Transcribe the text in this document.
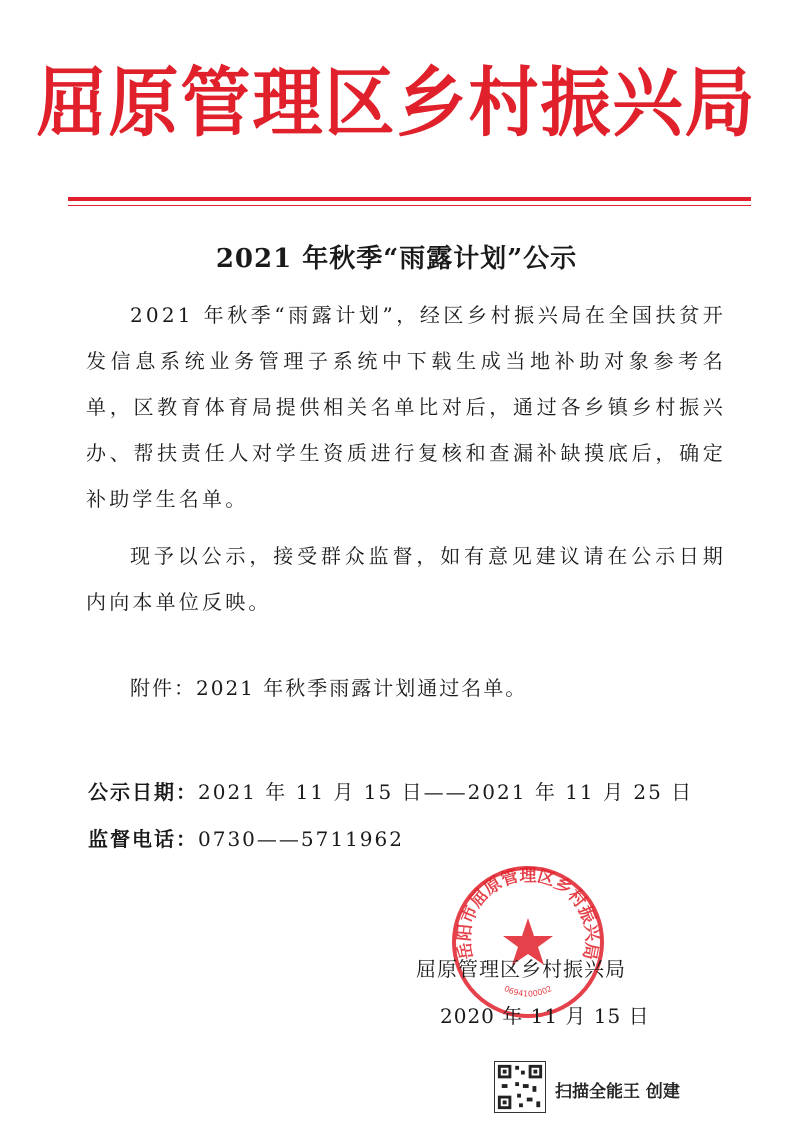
屈原管理区乡村振兴局
2021 年秋季“雨露计划”公示
2021 年秋季“雨露计划”，经区乡村振兴局在全国扶贫开发信息系统业务管理子系统中下载生成当地补助对象参考名单，区教育体育局提供相关名单比对后，通过各乡镇乡村振兴办、帮扶责任人对学生资质进行复核和查漏补缺摸底后，确定补助学生名单。
现予以公示，接受群众监督，如有意见建议请在公示日期内向本单位反映。
附件：2021 年秋季雨露计划通过名单。
公示日期：2021 年 11 月 15 日——2021 年 11 月 25 日
监督电话：0730——5711962
岳阳市屈原管理区乡村振兴局
0694100002
屈原管理区乡村振兴局
2020 年 11 月 15 日
扫描全能王 创建
